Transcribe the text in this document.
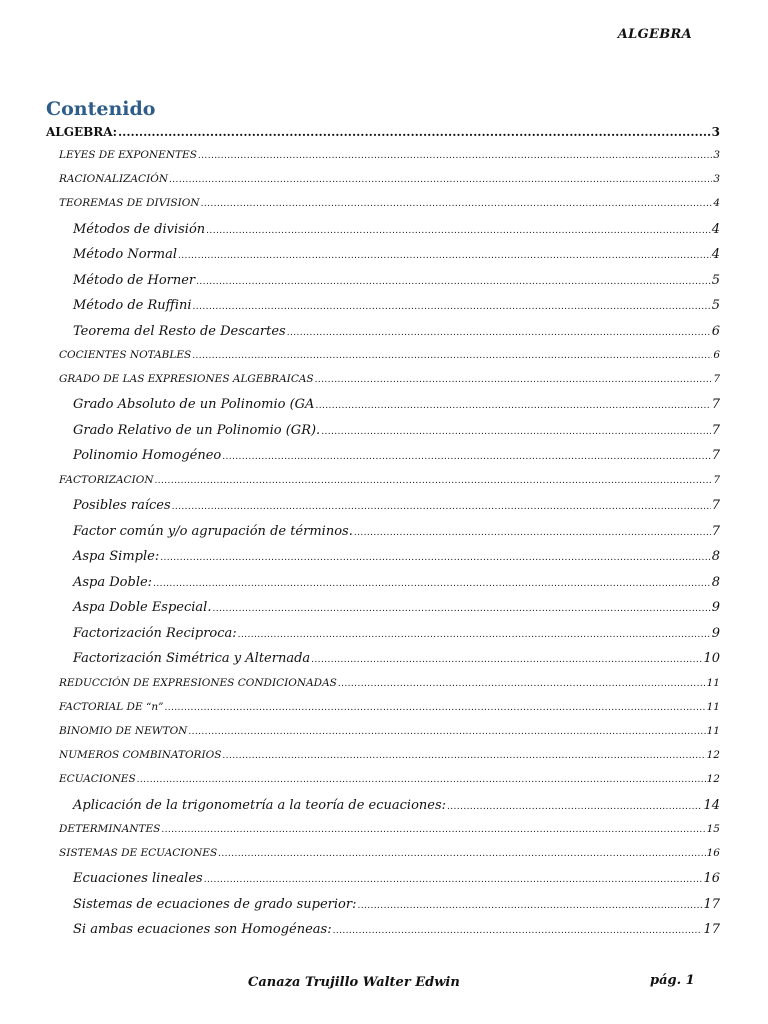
ALGEBRA
Contenido
ALGEBRA: .....	3
LEYES DE EXPONENTES .....	3
RACIONALIZACIÓN .....	3
TEOREMAS DE DIVISION .....	4
Métodos de división .....	4
Método Normal .....	4
Método de Horner .....	5
Método de Ruffini .....	5
Teorema del Resto de Descartes .....	6
COCIENTES NOTABLES .....	6
GRADO DE LAS EXPRESIONES ALGEBRAICAS .....	7
Grado Absoluto de un Polinomio (GA .....	7
Grado Relativo de un Polinomio (GR). .....	7
Polinomio Homogéneo .....	7
FACTORIZACION .....	7
Posibles raíces .....	7
Factor común y/o agrupación de términos. .....	7
Aspa Simple: .....	8
Aspa Doble: .....	8
Aspa Doble Especial. .....	9
Factorización Reciproca: .....	9
Factorización Simétrica y Alternada .....	10
REDUCCIÓN DE EXPRESIONES CONDICIONADAS .....	11
FACTORIAL DE “n” .....	11
BINOMIO DE NEWTON .....	11
NUMEROS COMBINATORIOS .....	12
ECUACIONES .....	12
Aplicación de la trigonometría a la teoría de ecuaciones: .....	14
DETERMINANTES .....	15
SISTEMAS DE ECUACIONES .....	16
Ecuaciones lineales .....	16
Sistemas de ecuaciones de grado superior: .....	17
Si ambas ecuaciones son Homogéneas: .....	17
Canaza Trujillo Walter Edwin	pág. 1
